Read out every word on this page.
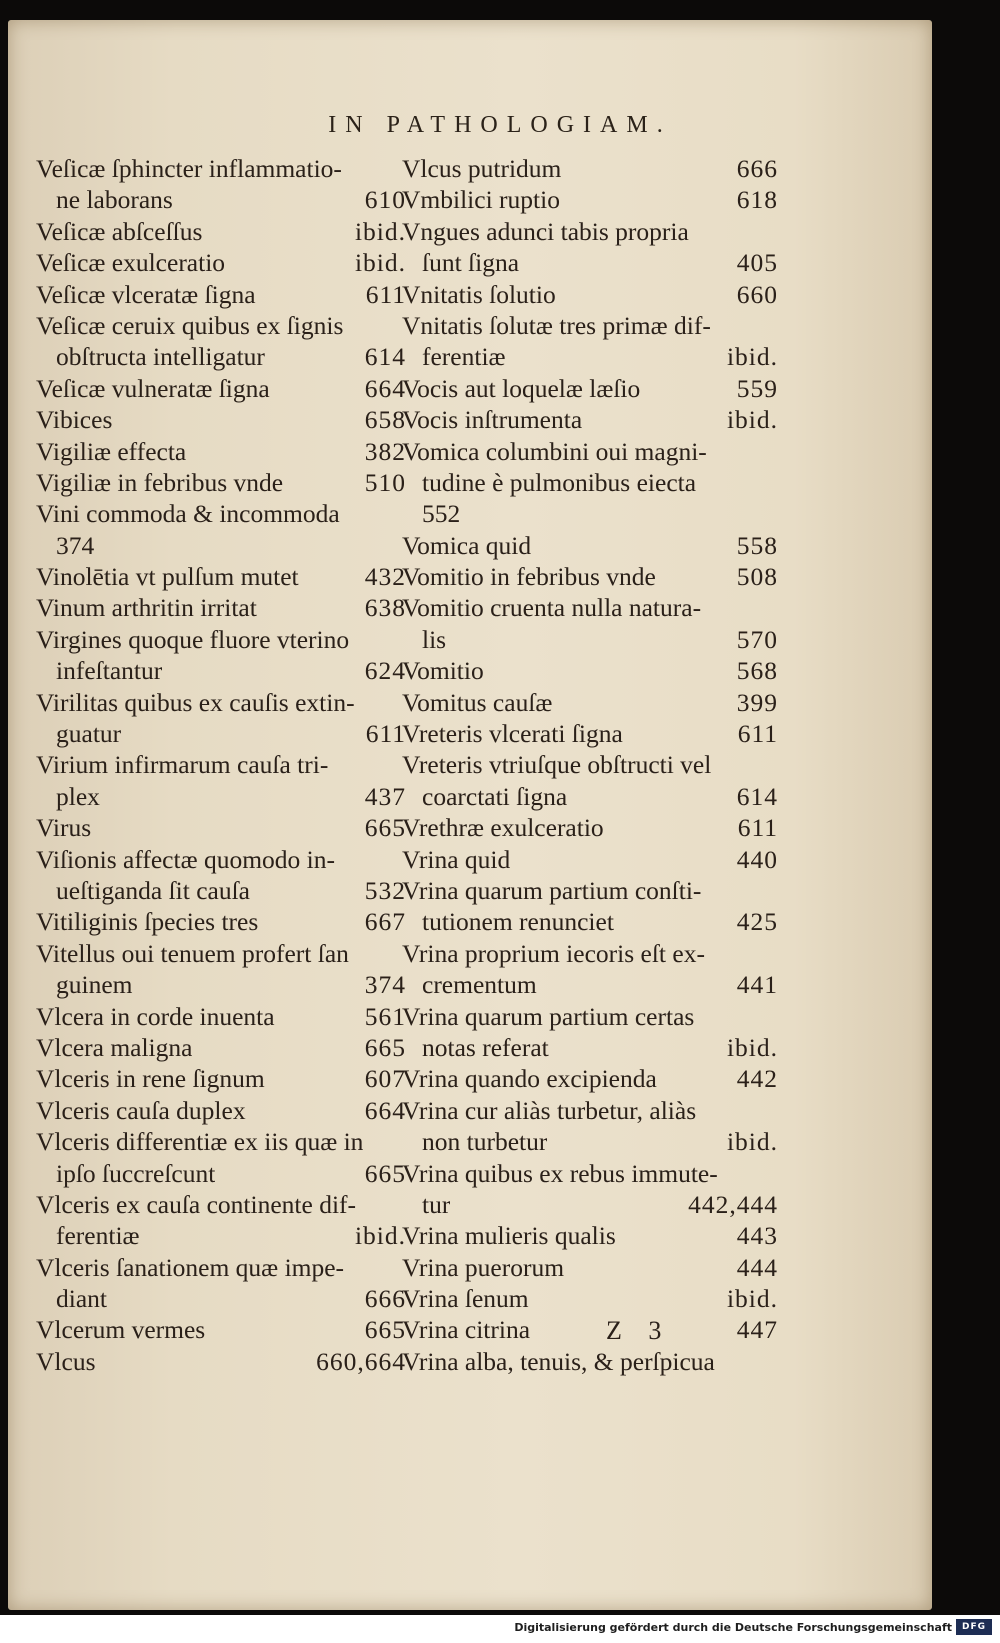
IN PATHOLOGIAM.
Veſicæ ſphincter inflammatio-
ne laborans	610
Veſicæ abſceſſus	ibid.
Veſicæ exulceratio	ibid.
Veſicæ vlceratæ ſigna	611
Veſicæ ceruix quibus ex ſignis
obſtructa intelligatur	614
Veſicæ vulneratæ ſigna	664
Vibices	658
Vigiliæ effecta	382
Vigiliæ in febribus vnde	510
Vini commoda & incommoda
374
Vinolētia vt pulſum mutet	432
Vinum arthritin irritat	638
Virgines quoque fluore vterino
infeſtantur	624
Virilitas quibus ex cauſis extin-
guatur	611
Virium infirmarum cauſa tri-
plex	437
Virus	665
Viſionis affectæ quomodo in-
ueſtiganda ſit cauſa	532
Vitiliginis ſpecies tres	667
Vitellus oui tenuem profert ſan
guinem	374
Vlcera in corde inuenta	561
Vlcera maligna	665
Vlceris in rene ſignum	607
Vlceris cauſa duplex	664
Vlceris differentiæ ex iis quæ in
ipſo ſuccreſcunt	665
Vlceris ex cauſa continente dif-
ferentiæ	ibid.
Vlceris ſanationem quæ impe-
diant	666
Vlcerum vermes	665
Vlcus	660,664
Vlcus putridum	666
Vmbilici ruptio	618
Vngues adunci tabis propria
ſunt ſigna	405
Vnitatis ſolutio	660
Vnitatis ſolutæ tres primæ dif-
ferentiæ	ibid.
Vocis aut loquelæ læſio	559
Vocis inſtrumenta	ibid.
Vomica columbini oui magni-
tudine è pulmonibus eiecta
552
Vomica quid	558
Vomitio in febribus vnde	508
Vomitio cruenta nulla natura-
lis	570
Vomitio	568
Vomitus cauſæ	399
Vreteris vlcerati ſigna	611
Vreteris vtriuſque obſtructi vel
coarctati ſigna	614
Vrethræ exulceratio	611
Vrina quid	440
Vrina quarum partium conſti-
tutionem renunciet	425
Vrina proprium iecoris eſt ex-
crementum	441
Vrina quarum partium certas
notas referat	ibid.
Vrina quando excipienda	442
Vrina cur aliàs turbetur, aliàs
non turbetur	ibid.
Vrina quibus ex rebus immute-
tur	442,444
Vrina mulieris qualis	443
Vrina puerorum	444
Vrina ſenum	ibid.
Vrina citrina	447
Vrina alba, tenuis, & perſpicua
Z 3
Digitalisierung gefördert durch die Deutsche Forschungsgemeinschaft	DFG
